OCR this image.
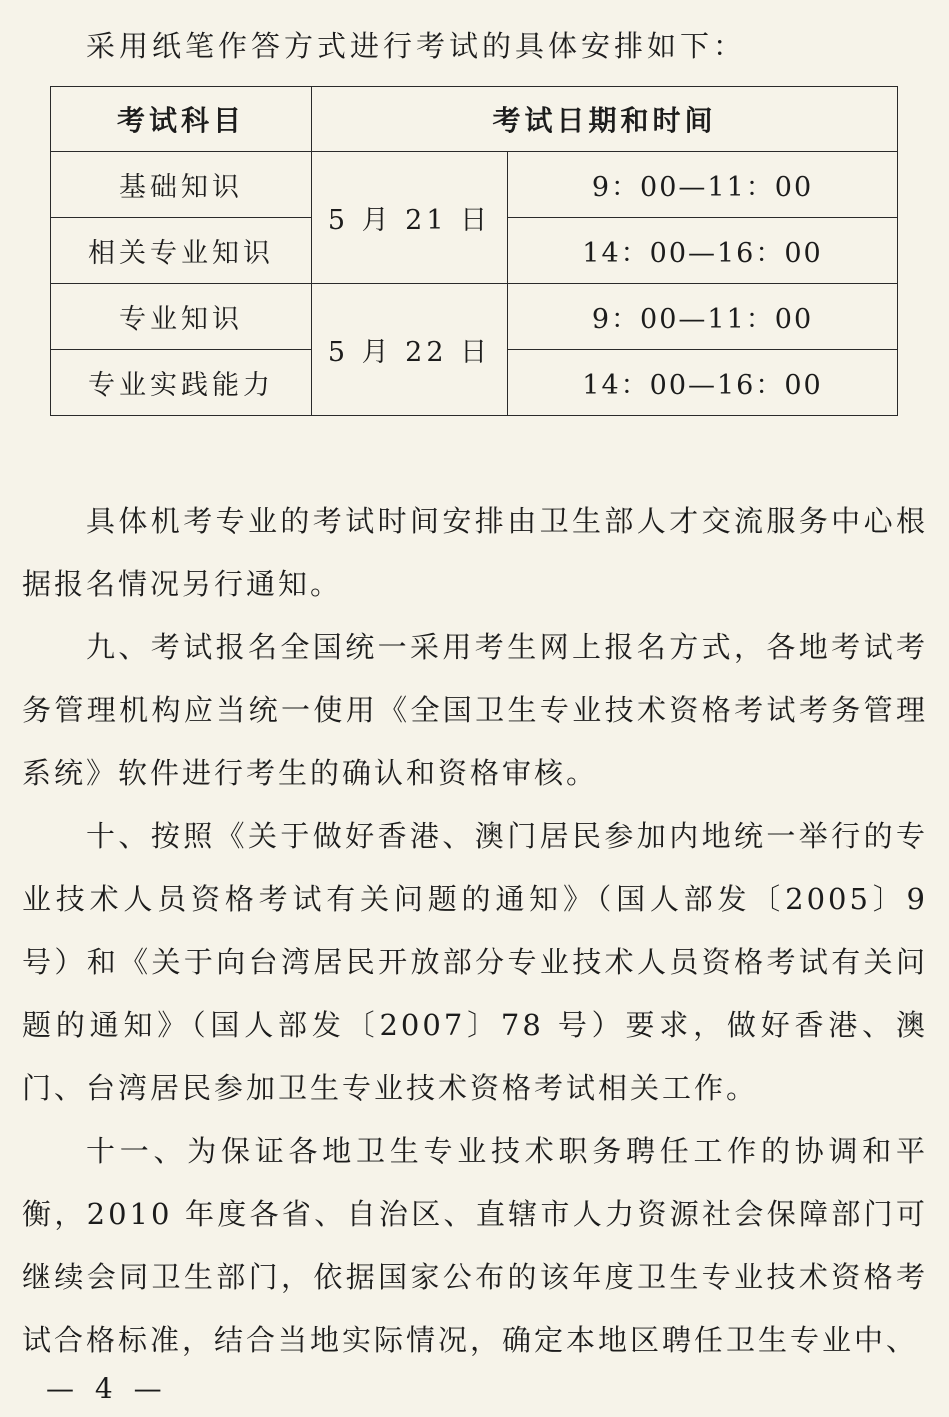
采用纸笔作答方式进行考试的具体安排如下：
考试科目	考试日期和时间	
基础知识	5 月 21 日	9：00—11：00
相关专业知识		14：00—16：00
专业知识	5 月 22 日	9：00—11：00
专业实践能力		14：00—16：00

具体机考专业的考试时间安排由卫生部人才交流服务中心根据报名情况另行通知。

九、考试报名全国统一采用考生网上报名方式，各地考试考务管理机构应当统一使用《全国卫生专业技术资格考试考务管理系统》软件进行考生的确认和资格审核。

十、按照《关于做好香港、澳门居民参加内地统一举行的专业技术人员资格考试有关问题的通知》（国人部发〔2005〕9 号）和《关于向台湾居民开放部分专业技术人员资格考试有关问题的通知》（国人部发〔2007〕78 号）要求，做好香港、澳门、台湾居民参加卫生专业技术资格考试相关工作。

十一、为保证各地卫生专业技术职务聘任工作的协调和平衡，2010 年度各省、自治区、直辖市人力资源社会保障部门可继续会同卫生部门，依据国家公布的该年度卫生专业技术资格考试合格标准，结合当地实际情况，确定本地区聘任卫生专业中、

— 4 —
